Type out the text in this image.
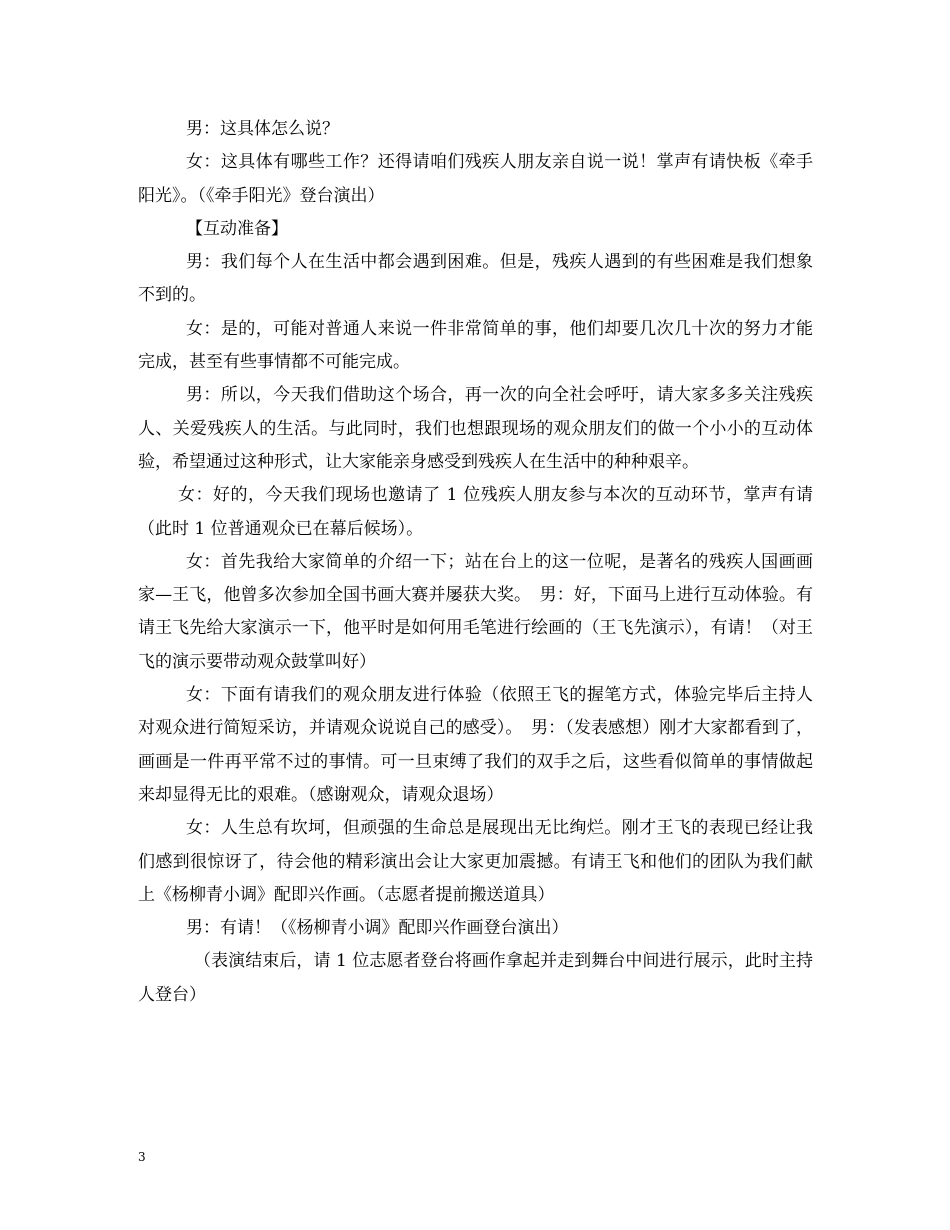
男：这具体怎么说？

女：这具体有哪些工作？还得请咱们残疾人朋友亲自说一说！掌声有请快板《牵手阳光》。（《牵手阳光》登台演出）

【互动准备】

男：我们每个人在生活中都会遇到困难。但是，残疾人遇到的有些困难是我们想象不到的。

女：是的，可能对普通人来说一件非常简单的事，他们却要几次几十次的努力才能完成，甚至有些事情都不可能完成。

男：所以，今天我们借助这个场合，再一次的向全社会呼吁，请大家多多关注残疾人、关爱残疾人的生活。与此同时，我们也想跟现场的观众朋友们的做一个小小的互动体验，希望通过这种形式，让大家能亲身感受到残疾人在生活中的种种艰辛。

女：好的，今天我们现场也邀请了 1 位残疾人朋友参与本次的互动环节，掌声有请（此时 1 位普通观众已在幕后候场）。

女：首先我给大家简单的介绍一下；站在台上的这一位呢，是著名的残疾人国画画家—王飞，他曾多次参加全国书画大赛并屡获大奖。　男：好，下面马上进行互动体验。有请王飞先给大家演示一下，他平时是如何用毛笔进行绘画的（王飞先演示），有请！（对王飞的演示要带动观众鼓掌叫好）

女：下面有请我们的观众朋友进行体验（依照王飞的握笔方式，体验完毕后主持人对观众进行简短采访，并请观众说说自己的感受）。　男：（发表感想）刚才大家都看到了，画画是一件再平常不过的事情。可一旦束缚了我们的双手之后，这些看似简单的事情做起来却显得无比的艰难。（感谢观众，请观众退场）

女：人生总有坎坷，但顽强的生命总是展现出无比绚烂。刚才王飞的表现已经让我们感到很惊讶了，待会他的精彩演出会让大家更加震撼。有请王飞和他们的团队为我们献上《杨柳青小调》配即兴作画。（志愿者提前搬送道具）

男：有请！（《杨柳青小调》配即兴作画登台演出）

（表演结束后，请 1 位志愿者登台将画作拿起并走到舞台中间进行展示，此时主持人登台）

3
